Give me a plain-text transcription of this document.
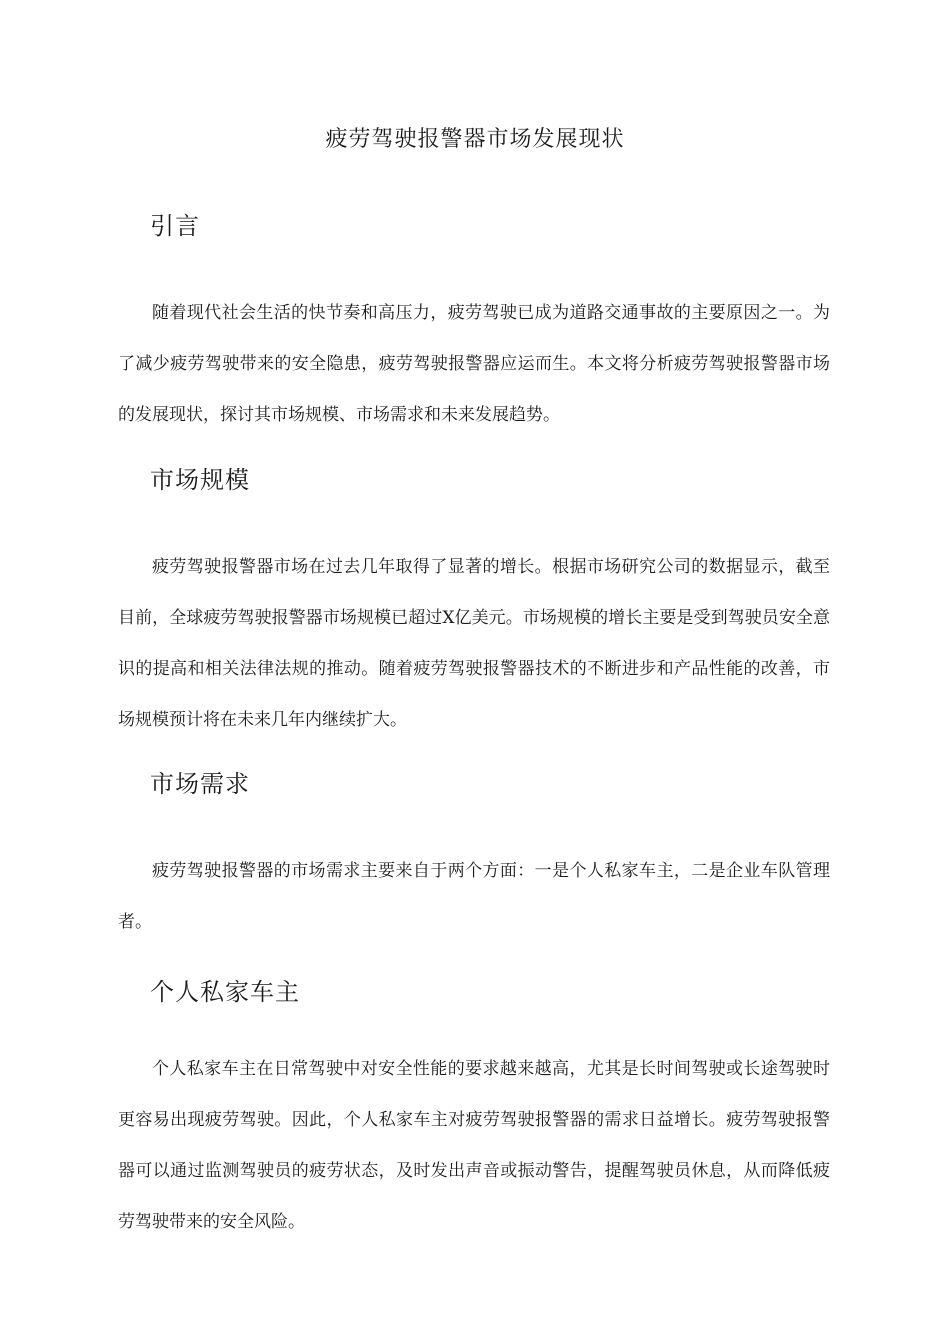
疲劳驾驶报警器市场发展现状
引言

随着现代社会生活的快节奏和高压力，疲劳驾驶已成为道路交通事故的主要原因之一。为了减少疲劳驾驶带来的安全隐患，疲劳驾驶报警器应运而生。本文将分析疲劳驾驶报警器市场的发展现状，探讨其市场规模、市场需求和未来发展趋势。

市场规模

疲劳驾驶报警器市场在过去几年取得了显著的增长。根据市场研究公司的数据显示，截至目前，全球疲劳驾驶报警器市场规模已超过X亿美元。市场规模的增长主要是受到驾驶员安全意识的提高和相关法律法规的推动。随着疲劳驾驶报警器技术的不断进步和产品性能的改善，市场规模预计将在未来几年内继续扩大。

市场需求

疲劳驾驶报警器的市场需求主要来自于两个方面：一是个人私家车主，二是企业车队管理者。

个人私家车主

个人私家车主在日常驾驶中对安全性能的要求越来越高，尤其是长时间驾驶或长途驾驶时更容易出现疲劳驾驶。因此，个人私家车主对疲劳驾驶报警器的需求日益增长。疲劳驾驶报警器可以通过监测驾驶员的疲劳状态，及时发出声音或振动警告，提醒驾驶员休息，从而降低疲劳驾驶带来的安全风险。
